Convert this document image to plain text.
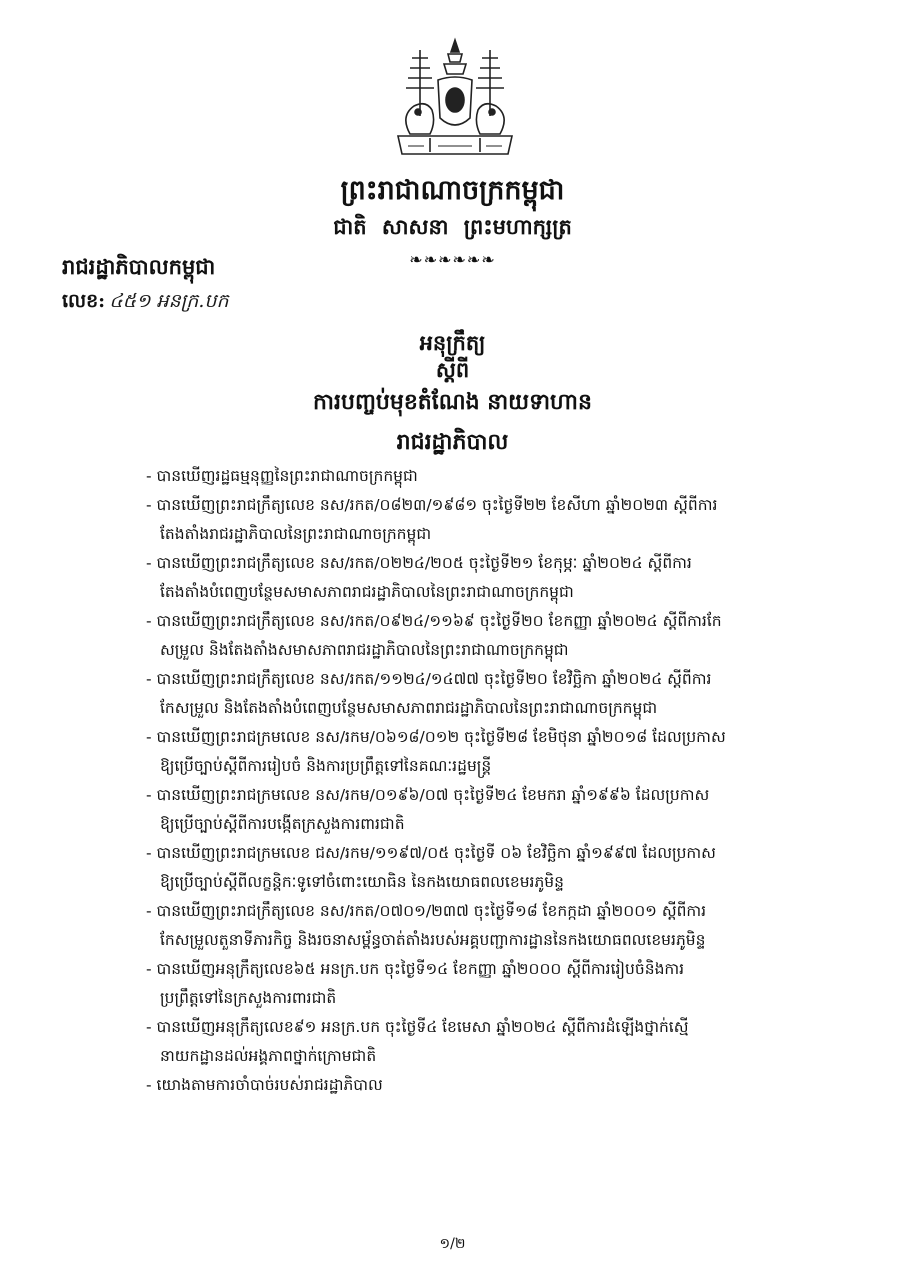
ព្រះរាជាណាចក្រកម្ពុជា
ជាតិ សាសនា ព្រះមហាក្សត្រ
❧❧❧❧❧❧
រាជរដ្ឋាភិបាលកម្ពុជា
លេខ: ៤៥១ អនក្រ.បក
អនុក្រឹត្យ
ស្តីពី
ការបញ្ចប់មុខតំណែង នាយទាហាន
រាជរដ្ឋាភិបាល
- បានឃើញរដ្ឋធម្មនុញ្ញនៃព្រះរាជាណាចក្រកម្ពុជា
- បានឃើញព្រះរាជក្រឹត្យលេខ នស/រកត/០៨២៣/១៩៨១ ចុះថ្ងៃទី២២ ខែសីហា ឆ្នាំ២០២៣ ស្តីពីការ
តែងតាំងរាជរដ្ឋាភិបាលនៃព្រះរាជាណាចក្រកម្ពុជា
- បានឃើញព្រះរាជក្រឹត្យលេខ នស/រកត/០២២៤/២០៥ ចុះថ្ងៃទី២១ ខែកុម្ភៈ ឆ្នាំ២០២៤ ស្តីពីការ
តែងតាំងបំពេញបន្ថែមសមាសភាពរាជរដ្ឋាភិបាលនៃព្រះរាជាណាចក្រកម្ពុជា
- បានឃើញព្រះរាជក្រឹត្យលេខ នស/រកត/០៩២៤/១១៦៩ ចុះថ្ងៃទី២០ ខែកញ្ញា ឆ្នាំ២០២៤ ស្តីពីការកែ
សម្រួល និងតែងតាំងសមាសភាពរាជរដ្ឋាភិបាលនៃព្រះរាជាណាចក្រកម្ពុជា
- បានឃើញព្រះរាជក្រឹត្យលេខ នស/រកត/១១២៤/១៤៧៧ ចុះថ្ងៃទី២០ ខែវិច្ឆិកា ឆ្នាំ២០២៤ ស្តីពីការ
កែសម្រួល និងតែងតាំងបំពេញបន្ថែមសមាសភាពរាជរដ្ឋាភិបាលនៃព្រះរាជាណាចក្រកម្ពុជា
- បានឃើញព្រះរាជក្រមលេខ នស/រកម/០៦១៨/០១២ ចុះថ្ងៃទី២៨ ខែមិថុនា ឆ្នាំ២០១៨ ដែលប្រកាស
ឱ្យប្រើច្បាប់ស្តីពីការរៀបចំ និងការប្រព្រឹត្តទៅនៃគណៈរដ្ឋមន្ត្រី
- បានឃើញព្រះរាជក្រមលេខ នស/រកម/០១៩៦/០៧ ចុះថ្ងៃទី២៤ ខែមករា ឆ្នាំ១៩៩៦ ដែលប្រកាស
ឱ្យប្រើច្បាប់ស្តីពីការបង្កើតក្រសួងការពារជាតិ
- បានឃើញព្រះរាជក្រមលេខ ជស/រកម/១១៩៧/០៥ ចុះថ្ងៃទី ០៦ ខែវិច្ឆិកា ឆ្នាំ១៩៩៧ ដែលប្រកាស
ឱ្យប្រើច្បាប់ស្តីពីលក្ខន្តិកៈទូទៅចំពោះយោធិន នៃកងយោធពលខេមរភូមិន្ទ
- បានឃើញព្រះរាជក្រឹត្យលេខ នស/រកត/០៧០១/២៣៧ ចុះថ្ងៃទី១៨ ខែកក្កដា ឆ្នាំ២០០១ ស្តីពីការ
កែសម្រួលតួនាទីភារកិច្ច និងរចនាសម្ព័ន្ធចាត់តាំងរបស់អគ្គបញ្ជាការដ្ឋាននៃកងយោធពលខេមរភូមិន្ទ
- បានឃើញអនុក្រឹត្យលេខ៦៥ អនក្រ.បក ចុះថ្ងៃទី១៤ ខែកញ្ញា ឆ្នាំ២០០០ ស្តីពីការរៀបចំនិងការ
ប្រព្រឹត្តទៅនៃក្រសួងការពារជាតិ
- បានឃើញអនុក្រឹត្យលេខ៩១ អនក្រ.បក ចុះថ្ងៃទី៤ ខែមេសា ឆ្នាំ២០២៤ ស្តីពីការដំឡើងថ្នាក់ស្មើ
នាយកដ្ឋានដល់អង្គភាពថ្នាក់ក្រោមជាតិ
- យោងតាមការចាំបាច់របស់រាជរដ្ឋាភិបាល
១/២
